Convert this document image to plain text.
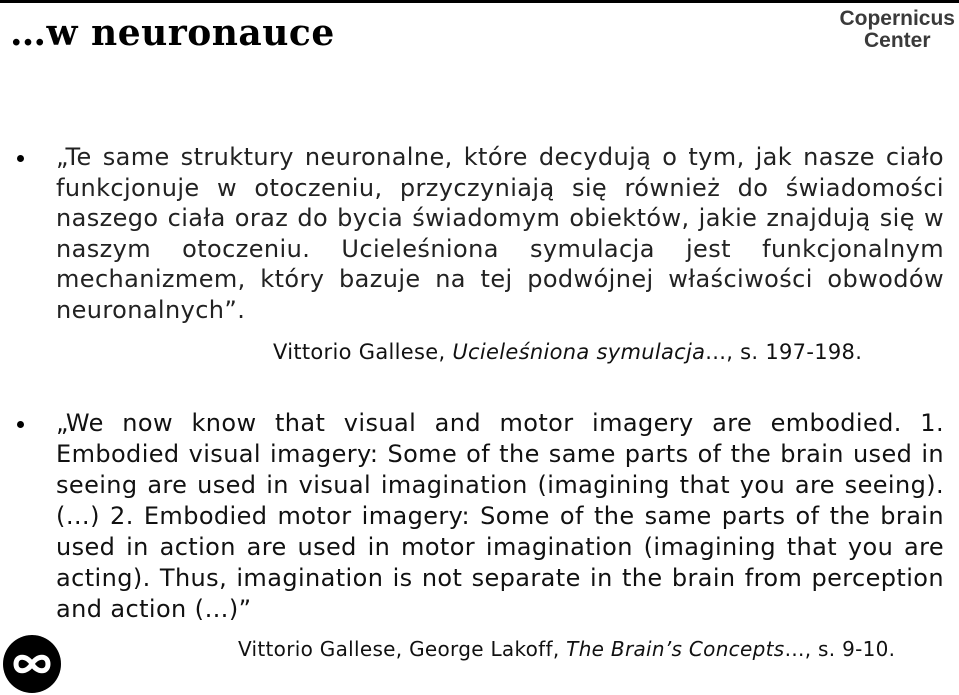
…w neuronauce	Copernicus
Center
„Te same struktury neuronalne, które decydują o tym, jak nasze ciało funkcjonuje w otoczeniu, przyczyniają się również do świadomości naszego ciała oraz do bycia świadomym obiektów, jakie znajdują się w naszym otoczeniu. Ucieleśniona symulacja jest funkcjonalnym mechanizmem, który bazuje na tej podwójnej właściwości obwodów neuronalnych”.
„We now know that visual and motor imagery are embodied. 1. Embodied visual imagery: Some of the same parts of the brain used in seeing are used in visual imagination (imagining that you are seeing). (…) 2. Embodied motor imagery: Some of the same parts of the brain used in action are used in motor imagination (imagining that you are acting). Thus, imagination is not separate in the brain from perception and action (…)”
Vittorio Gallese, Ucieleśniona symulacja..., s. 197-198.
Vittorio Gallese, George Lakoff, The Brain’s Concepts…, s. 9-10.
